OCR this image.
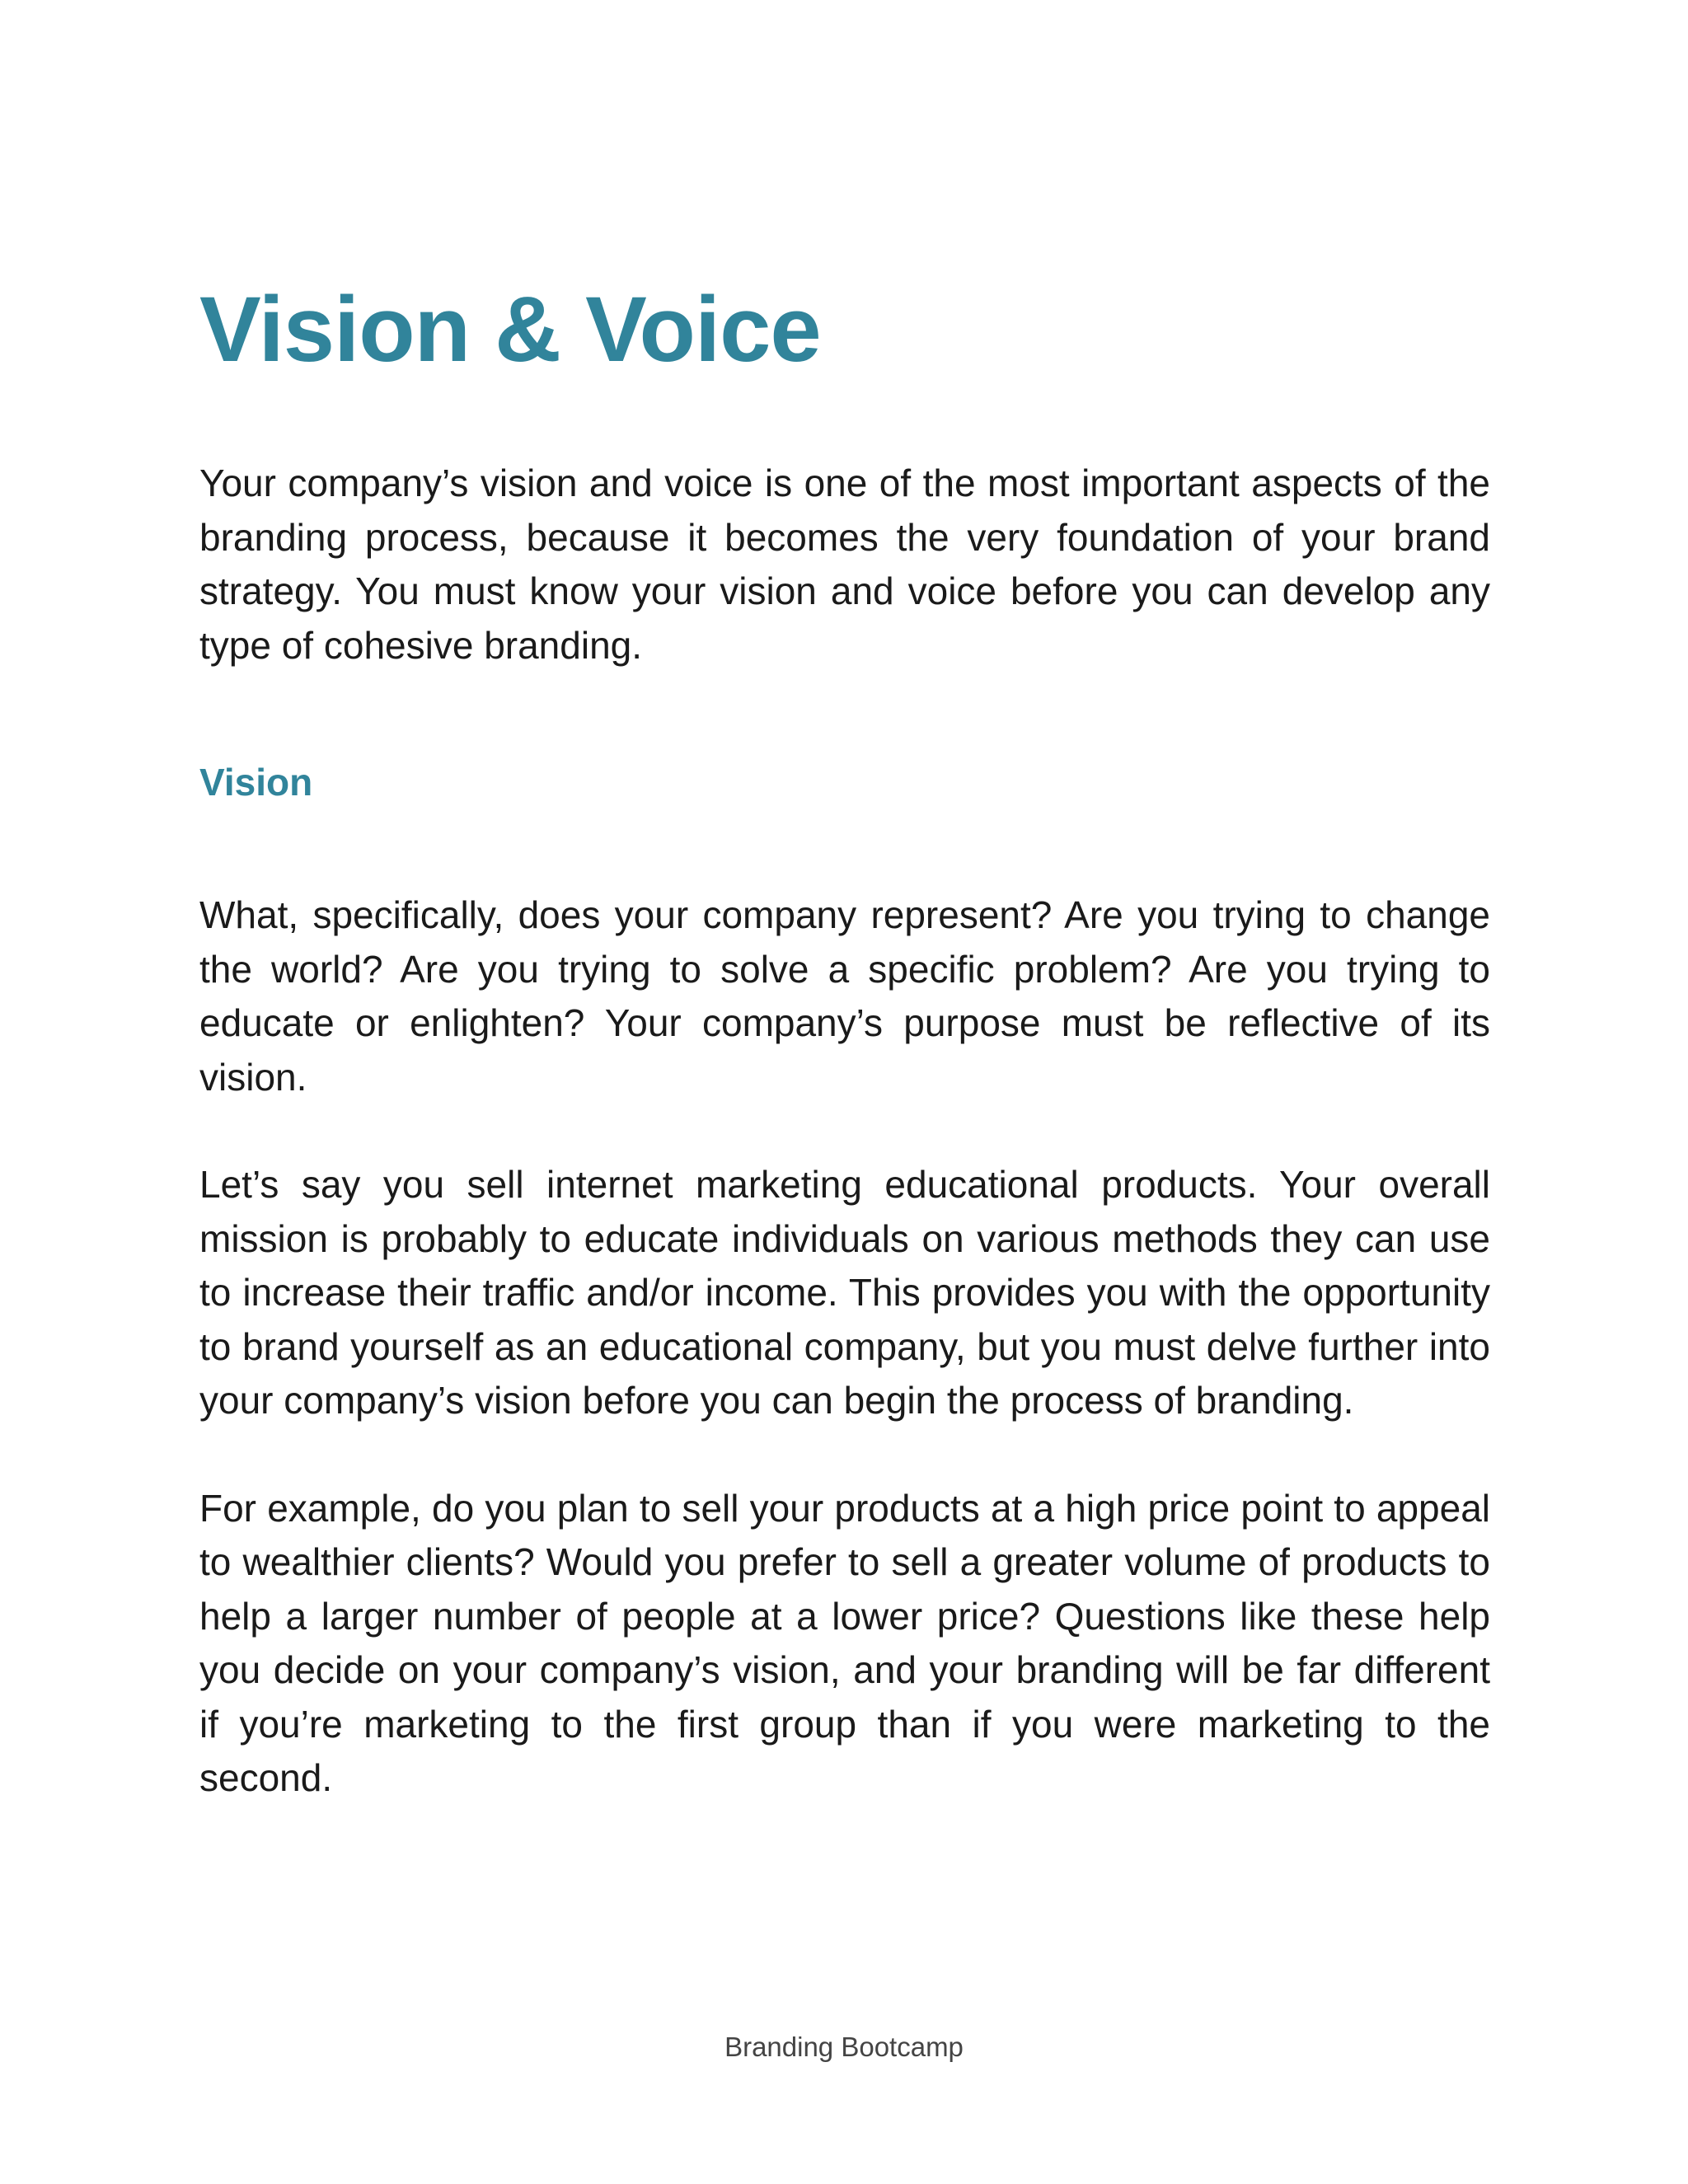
Vision & Voice

Your company’s vision and voice is one of the most important aspects of the branding process, because it becomes the very foundation of your brand strategy. You must know your vision and voice before you can develop any type of cohesive branding.

Vision

What, specifically, does your company represent? Are you trying to change the world? Are you trying to solve a specific problem? Are you trying to educate or enlighten? Your company’s purpose must be reflective of its vision.

Let’s say you sell internet marketing educational products. Your overall mission is probably to educate individuals on various methods they can use to increase their traffic and/or income. This provides you with the opportunity to brand yourself as an educational company, but you must delve further into your company’s vision before you can begin the process of branding.

For example, do you plan to sell your products at a high price point to appeal to wealthier clients? Would you prefer to sell a greater volume of products to help a larger number of people at a lower price? Questions like these help you decide on your company’s vision, and your branding will be far different if you’re marketing to the first group than if you were marketing to the second.

Branding Bootcamp
